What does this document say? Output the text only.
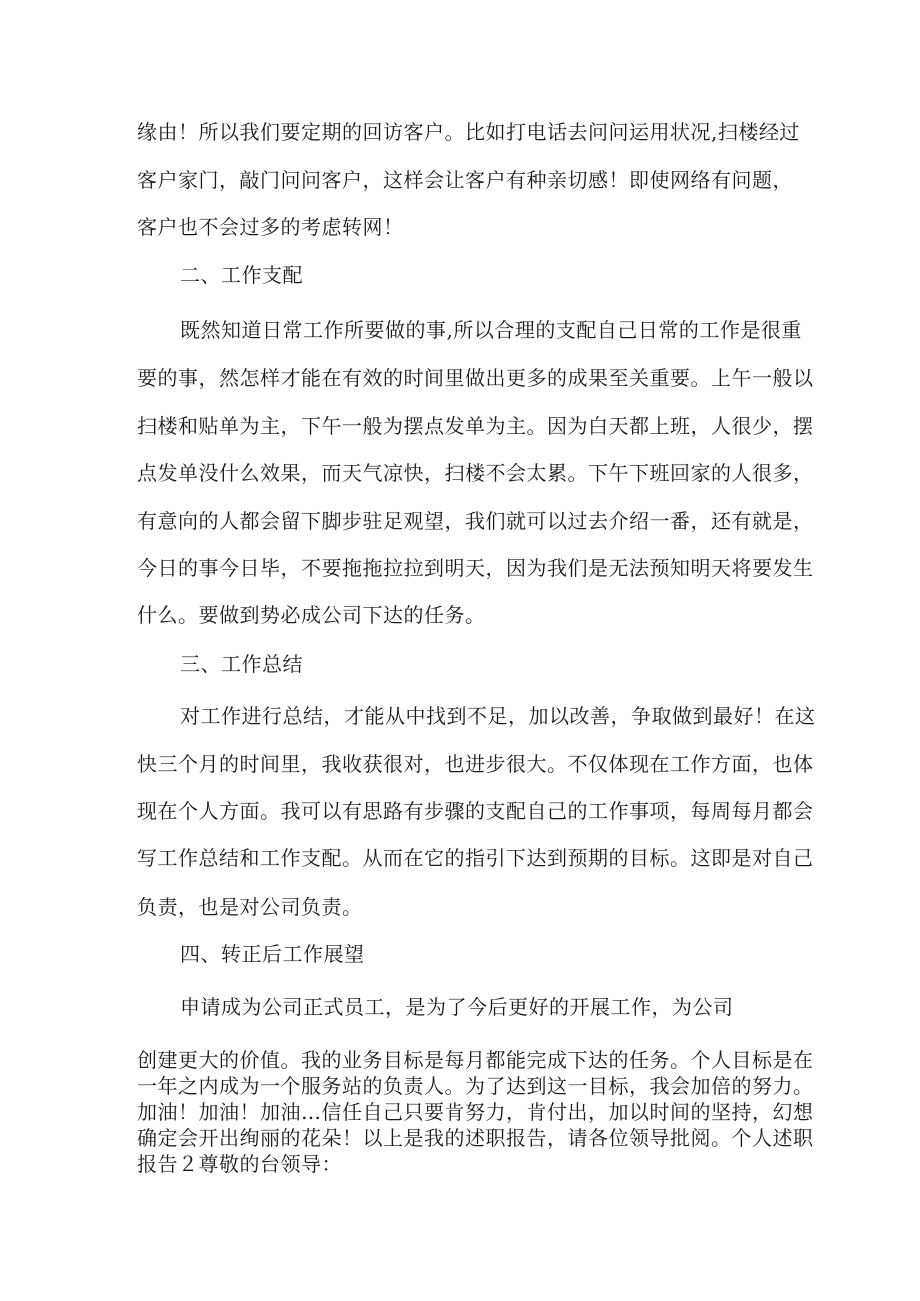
缘由！所以我们要定期的回访客户。比如打电话去问问运用状况,扫楼经过
客户家门，敲门问问客户，这样会让客户有种亲切感！即使网络有问题，
客户也不会过多的考虑转网！
二、工作支配
既然知道日常工作所要做的事,所以合理的支配自己日常的工作是很重
要的事，然怎样才能在有效的时间里做出更多的成果至关重要。上午一般以
扫楼和贴单为主，下午一般为摆点发单为主。因为白天都上班，人很少，摆
点发单没什么效果，而天气凉快，扫楼不会太累。下午下班回家的人很多，
有意向的人都会留下脚步驻足观望，我们就可以过去介绍一番，还有就是，
今日的事今日毕，不要拖拖拉拉到明天，因为我们是无法预知明天将要发生
什么。要做到势必成公司下达的任务。
三、工作总结
对工作进行总结，才能从中找到不足，加以改善，争取做到最好！在这
快三个月的时间里，我收获很对，也进步很大。不仅体现在工作方面，也体
现在个人方面。我可以有思路有步骤的支配自己的工作事项，每周每月都会
写工作总结和工作支配。从而在它的指引下达到预期的目标。这即是对自己
负责，也是对公司负责。
四、转正后工作展望
申请成为公司正式员工，是为了今后更好的开展工作，为公司
创建更大的价值。我的业务目标是每月都能完成下达的任务。个人目标是在
一年之内成为一个服务站的负责人。为了达到这一目标，我会加倍的努力。
加油！加油！加油…信任自己只要肯努力，肯付出，加以时间的坚持，幻想
确定会开出绚丽的花朵！以上是我的述职报告，请各位领导批阅。个人述职
报告２尊敬的台领导：
